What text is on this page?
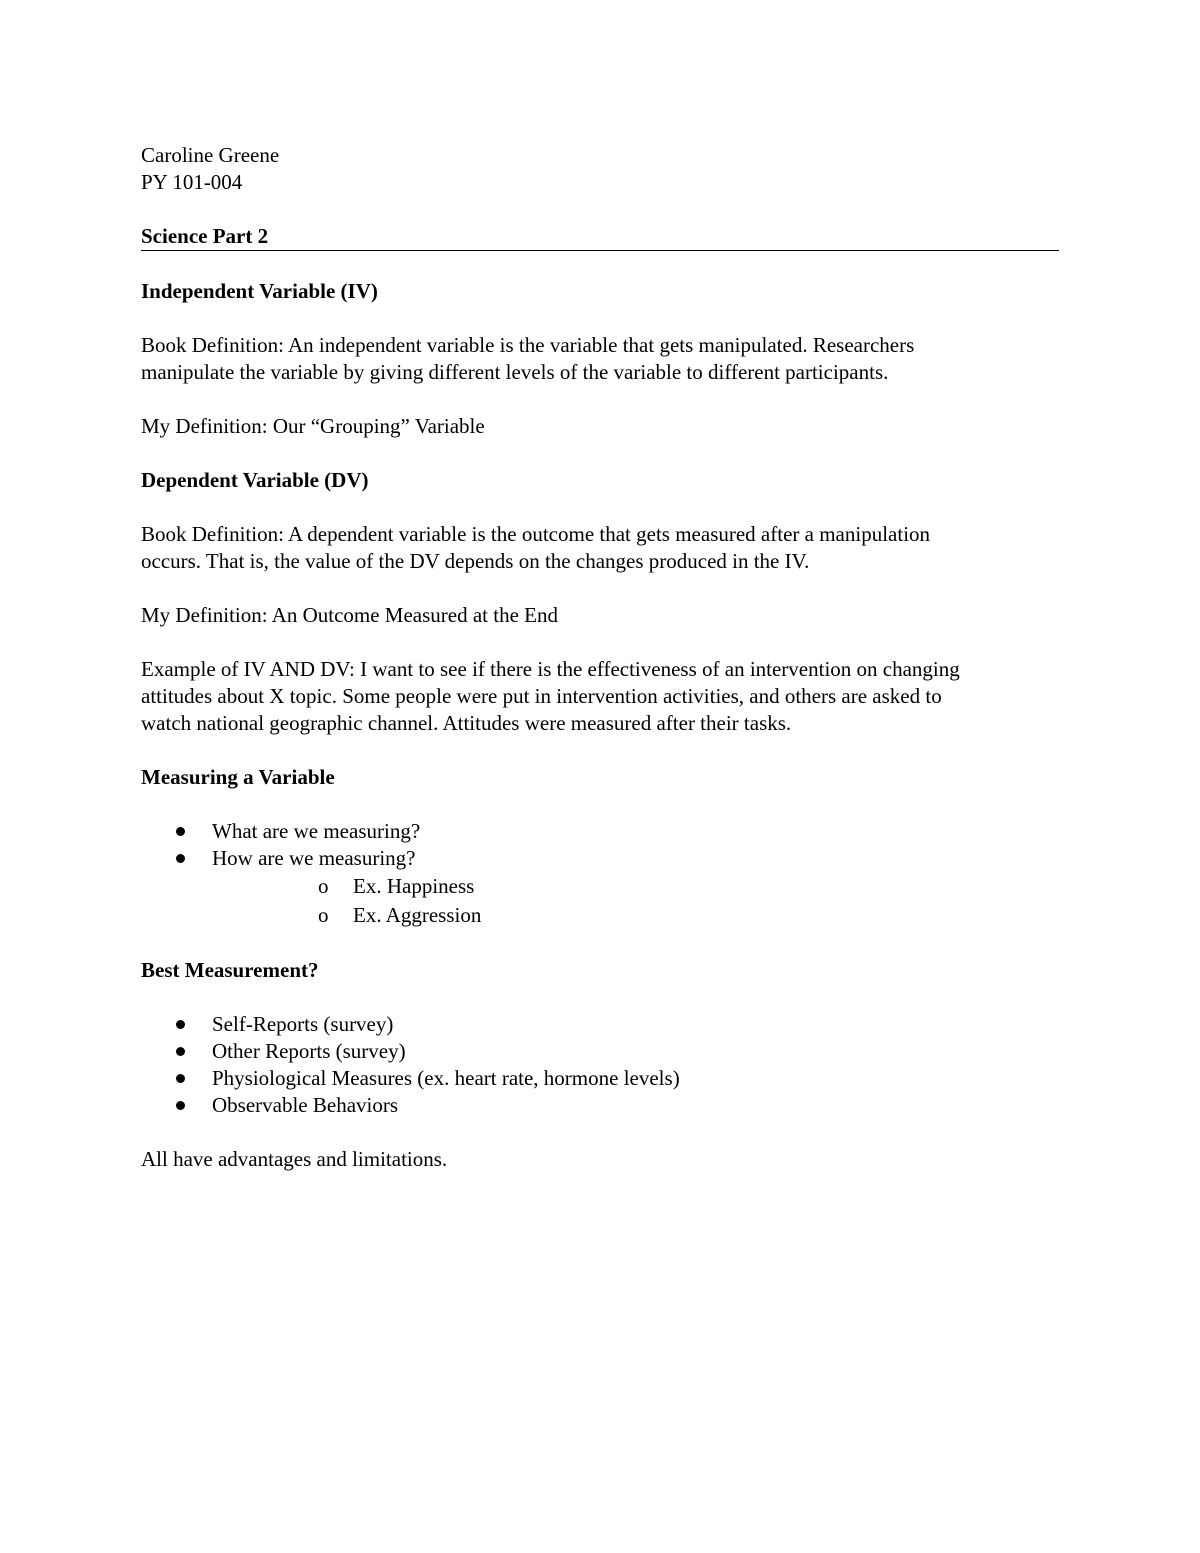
Caroline Greene

PY 101-004

Science Part 2

Independent Variable (IV)

Book Definition: An independent variable is the variable that gets manipulated. Researchers

manipulate the variable by giving different levels of the variable to different participants.

My Definition: Our “Grouping” Variable

Dependent Variable (DV)

Book Definition: A dependent variable is the outcome that gets measured after a manipulation

occurs. That is, the value of the DV depends on the changes produced in the IV.

My Definition: An Outcome Measured at the End

Example of IV AND DV: I want to see if there is the effectiveness of an intervention on changing

attitudes about X topic. Some people were put in intervention activities, and others are asked to

watch national geographic channel. Attitudes were measured after their tasks.

Measuring a Variable

What are we measuring?
How are we measuring?
o Ex. Happiness
o Ex. Aggression

Best Measurement?

Self-Reports (survey)
Other Reports (survey)
Physiological Measures (ex. heart rate, hormone levels)
Observable Behaviors

All have advantages and limitations.
